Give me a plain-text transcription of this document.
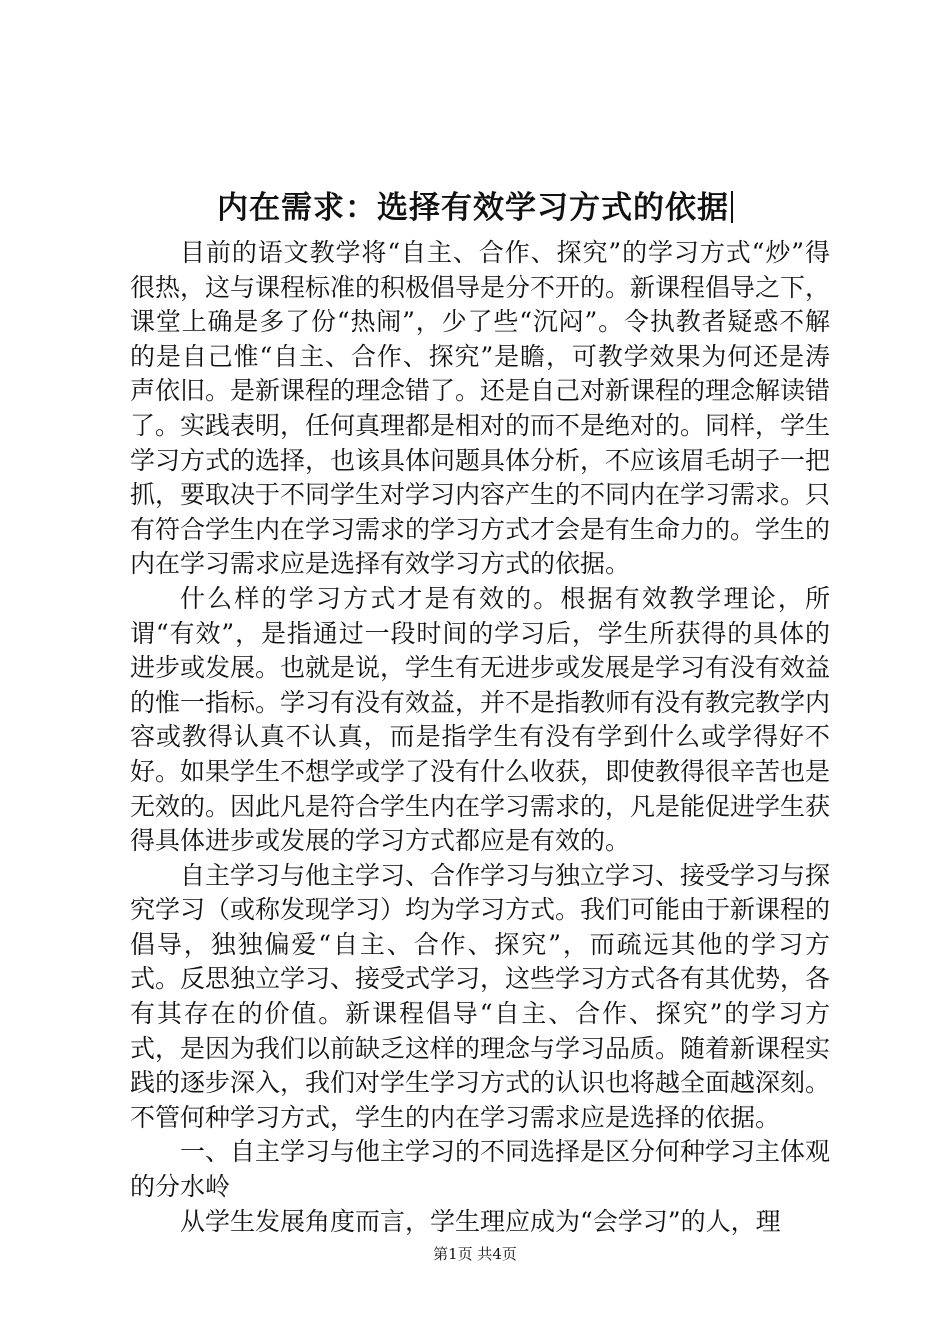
内在需求：选择有效学习方式的依据

目前的语文教学将“自主、合作、探究”的学习方式“炒”得很热，这与课程标准的积极倡导是分不开的。新课程倡导之下，课堂上确是多了份“热闹”，少了些“沉闷”。令执教者疑惑不解的是自己惟“自主、合作、探究”是瞻，可教学效果为何还是涛声依旧。是新课程的理念错了。还是自己对新课程的理念解读错了。实践表明，任何真理都是相对的而不是绝对的。同样，学生学习方式的选择，也该具体问题具体分析，不应该眉毛胡子一把抓，要取决于不同学生对学习内容产生的不同内在学习需求。只有符合学生内在学习需求的学习方式才会是有生命力的。学生的内在学习需求应是选择有效学习方式的依据。

什么样的学习方式才是有效的。根据有效教学理论，所谓“有效”，是指通过一段时间的学习后，学生所获得的具体的进步或发展。也就是说，学生有无进步或发展是学习有没有效益的惟一指标。学习有没有效益，并不是指教师有没有教完教学内容或教得认真不认真，而是指学生有没有学到什么或学得好不好。如果学生不想学或学了没有什么收获，即使教得很辛苦也是无效的。因此凡是符合学生内在学习需求的，凡是能促进学生获得具体进步或发展的学习方式都应是有效的。

自主学习与他主学习、合作学习与独立学习、接受学习与探究学习（或称发现学习）均为学习方式。我们可能由于新课程的倡导，独独偏爱“自主、合作、探究”，而疏远其他的学习方式。反思独立学习、接受式学习，这些学习方式各有其优势，各有其存在的价值。新课程倡导“自主、合作、探究”的学习方式，是因为我们以前缺乏这样的理念与学习品质。随着新课程实践的逐步深入，我们对学生学习方式的认识也将越全面越深刻。不管何种学习方式，学生的内在学习需求应是选择的依据。

一、自主学习与他主学习的不同选择是区分何种学习主体观的分水岭

从学生发展角度而言，学生理应成为“会学习”的人，理

第1页 共4页
